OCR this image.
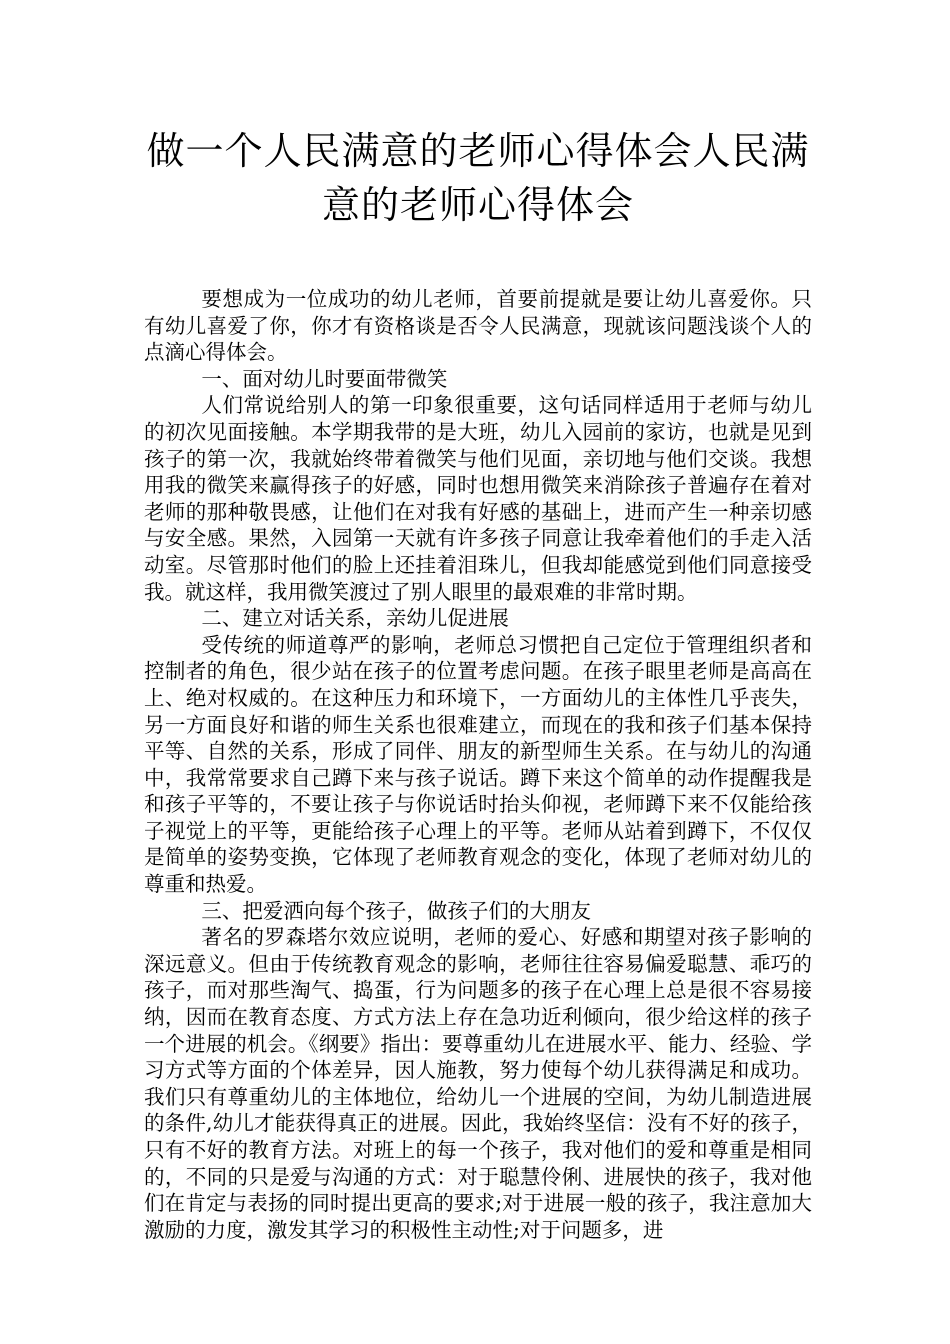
做一个人民满意的老师心得体会人民满意的老师心得体会

要想成为一位成功的幼儿老师，首要前提就是要让幼儿喜爱你。只有幼儿喜爱了你，你才有资格谈是否令人民满意，现就该问题浅谈个人的点滴心得体会。

一、面对幼儿时要面带微笑

人们常说给别人的第一印象很重要，这句话同样适用于老师与幼儿的初次见面接触。本学期我带的是大班，幼儿入园前的家访，也就是见到孩子的第一次，我就始终带着微笑与他们见面，亲切地与他们交谈。我想用我的微笑来赢得孩子的好感，同时也想用微笑来消除孩子普遍存在着对老师的那种敬畏感，让他们在对我有好感的基础上，进而产生一种亲切感与安全感。果然，入园第一天就有许多孩子同意让我牵着他们的手走入活动室。尽管那时他们的脸上还挂着泪珠儿，但我却能感觉到他们同意接受我。就这样，我用微笑渡过了别人眼里的最艰难的非常时期。

二、建立对话关系，亲幼儿促进展

受传统的师道尊严的影响，老师总习惯把自己定位于管理组织者和控制者的角色，很少站在孩子的位置考虑问题。在孩子眼里老师是高高在上、绝对权威的。在这种压力和环境下，一方面幼儿的主体性几乎丧失，另一方面良好和谐的师生关系也很难建立，而现在的我和孩子们基本保持平等、自然的关系，形成了同伴、朋友的新型师生关系。在与幼儿的沟通中，我常常要求自己蹲下来与孩子说话。蹲下来这个简单的动作提醒我是和孩子平等的，不要让孩子与你说话时抬头仰视，老师蹲下来不仅能给孩子视觉上的平等，更能给孩子心理上的平等。老师从站着到蹲下，不仅仅是简单的姿势变换，它体现了老师教育观念的变化，体现了老师对幼儿的尊重和热爱。

三、把爱洒向每个孩子，做孩子们的大朋友

著名的罗森塔尔效应说明，老师的爱心、好感和期望对孩子影响的深远意义。但由于传统教育观念的影响，老师往往容易偏爱聪慧、乖巧的孩子，而对那些淘气、捣蛋，行为问题多的孩子在心理上总是很不容易接纳，因而在教育态度、方式方法上存在急功近利倾向，很少给这样的孩子一个进展的机会。《纲要》指出：要尊重幼儿在进展水平、能力、经验、学习方式等方面的个体差异，因人施教，努力使每个幼儿获得满足和成功。我们只有尊重幼儿的主体地位，给幼儿一个进展的空间，为幼儿制造进展的条件,幼儿才能获得真正的进展。因此，我始终坚信：没有不好的孩子，只有不好的教育方法。对班上的每一个孩子，我对他们的爱和尊重是相同的，不同的只是爱与沟通的方式：对于聪慧伶俐、进展快的孩子，我对他们在肯定与表扬的同时提出更高的要求;对于进展一般的孩子，我注意加大激励的力度，激发其学习的积极性主动性;对于问题多，进
